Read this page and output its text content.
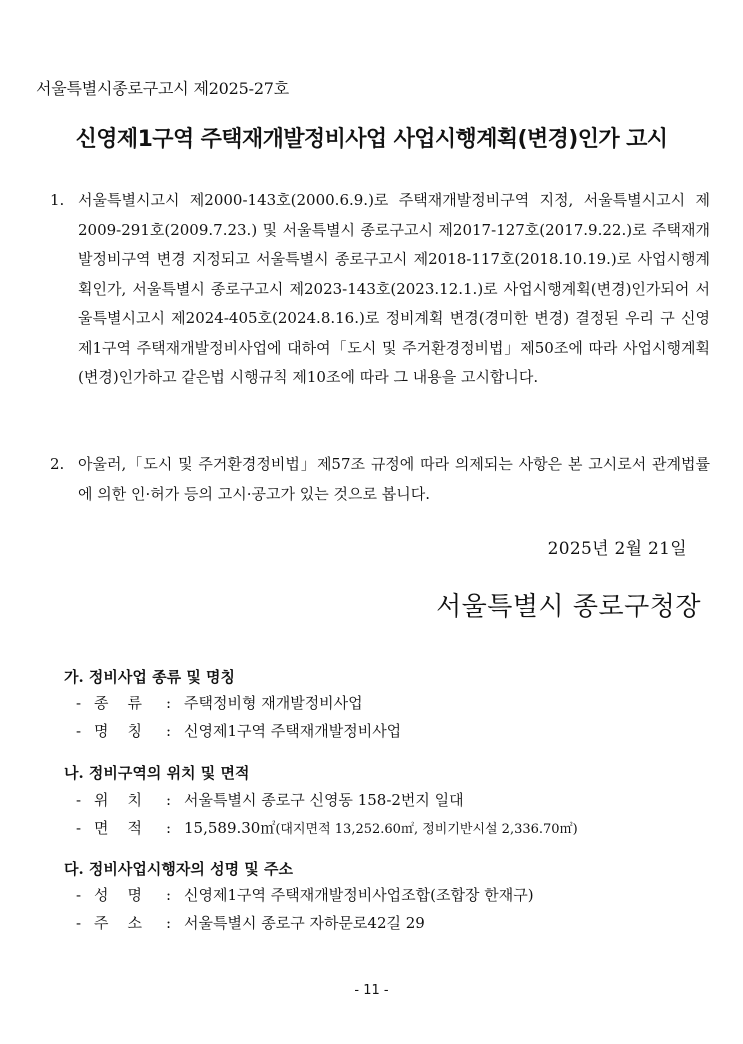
서울특별시종로구고시 제2025-27호
신영제1구역 주택재개발정비사업 사업시행계획(변경)인가 고시
1. 서울특별시고시 제2000-143호(2000.6.9.)로 주택재개발정비구역 지정, 서울특별시고시 제2009-291호(2009.7.23.) 및 서울특별시 종로구고시 제2017-127호(2017.9.22.)로 주택재개발정비구역 변경 지정되고 서울특별시 종로구고시 제2018-117호(2018.10.19.)로 사업시행계획인가, 서울특별시 종로구고시 제2023-143호(2023.12.1.)로 사업시행계획(변경)인가되어 서울특별시고시 제2024-405호(2024.8.16.)로 정비계획 변경(경미한 변경) 결정된 우리 구 신영제1구역 주택재개발정비사업에 대하여「도시 및 주거환경정비법」제50조에 따라 사업시행계획(변경)인가하고 같은법 시행규칙 제10조에 따라 그 내용을 고시합니다.
2. 아울러,「도시 및 주거환경정비법」제57조 규정에 따라 의제되는 사항은 본 고시로서 관계법률에 의한 인·허가 등의 고시·공고가 있는 것으로 봅니다.
2025년 2월 21일
서울특별시 종로구청장
가. 정비사업 종류 및 명칭
- 종    류 : 주택정비형 재개발정비사업
- 명    칭 : 신영제1구역 주택재개발정비사업
나. 정비구역의 위치 및 면적
- 위    치 : 서울특별시 종로구 신영동 158-2번지 일대
- 면    적 : 15,589.30㎡(대지면적 13,252.60㎡, 정비기반시설 2,336.70㎡)
다. 정비사업시행자의 성명 및 주소
- 성    명 : 신영제1구역 주택재개발정비사업조합(조합장 한재구)
- 주    소 : 서울특별시 종로구 자하문로42길 29
- 11 -
